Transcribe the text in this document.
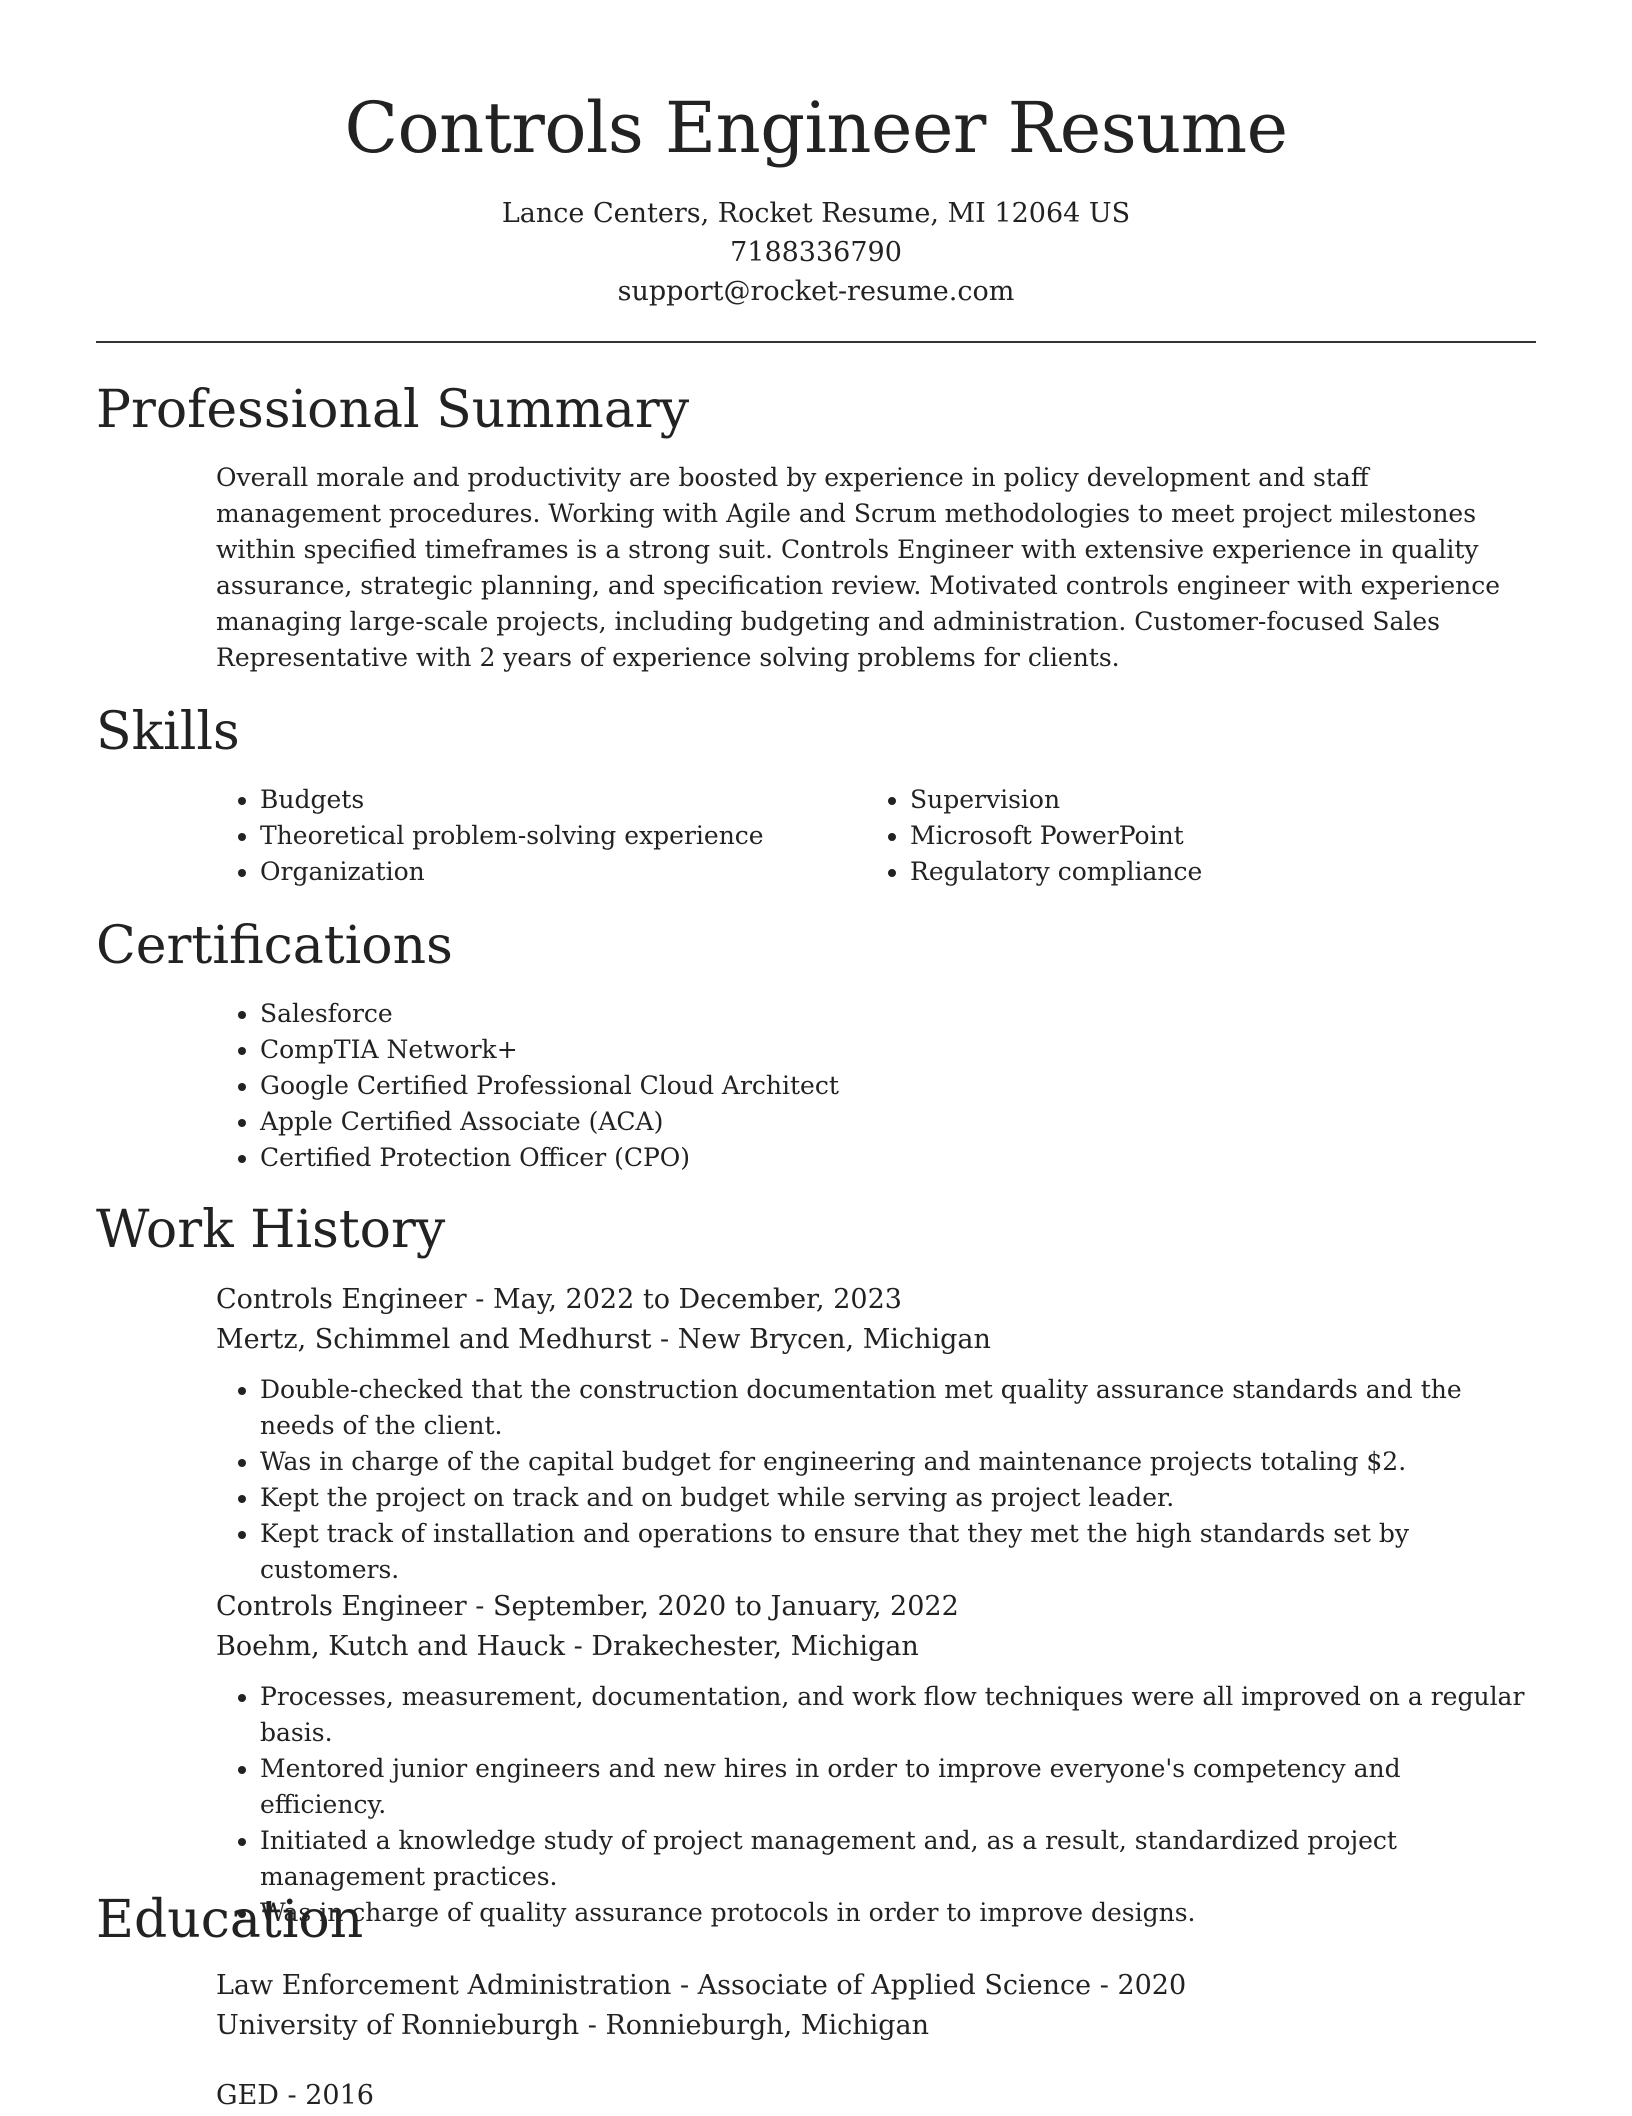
Controls Engineer Resume
Lance Centers, Rocket Resume, MI 12064 US
7188336790
support@rocket-resume.com
Professional Summary

Overall morale and productivity are boosted by experience in policy development and staff management procedures. Working with Agile and Scrum methodologies to meet project milestones within specified timeframes is a strong suit. Controls Engineer with extensive experience in quality assurance, strategic planning, and specification review. Motivated controls engineer with experience managing large-scale projects, including budgeting and administration. Customer-focused Sales Representative with 2 years of experience solving problems for clients.

Skills
• Budgets
• Theoretical problem-solving experience
• Organization
• Supervision
• Microsoft PowerPoint
• Regulatory compliance
Certifications
• Salesforce
• CompTIA Network+
• Google Certified Professional Cloud Architect
• Apple Certified Associate (ACA)
• Certified Protection Officer (CPO)
Work History
Controls Engineer - May, 2022 to December, 2023
Mertz, Schimmel and Medhurst - New Brycen, Michigan
• Double-checked that the construction documentation met quality assurance standards and the needs of the client.
• Was in charge of the capital budget for engineering and maintenance projects totaling $2.
• Kept the project on track and on budget while serving as project leader.
• Kept track of installation and operations to ensure that they met the high standards set by customers.
Controls Engineer - September, 2020 to January, 2022
Boehm, Kutch and Hauck - Drakechester, Michigan
• Processes, measurement, documentation, and work flow techniques were all improved on a regular basis.
• Mentored junior engineers and new hires in order to improve everyone's competency and efficiency.
• Initiated a knowledge study of project management and, as a result, standardized project management practices.
• Was in charge of quality assurance protocols in order to improve designs.
Education
Law Enforcement Administration - Associate of Applied Science - 2020
University of Ronnieburgh - Ronnieburgh, Michigan
GED - 2016
